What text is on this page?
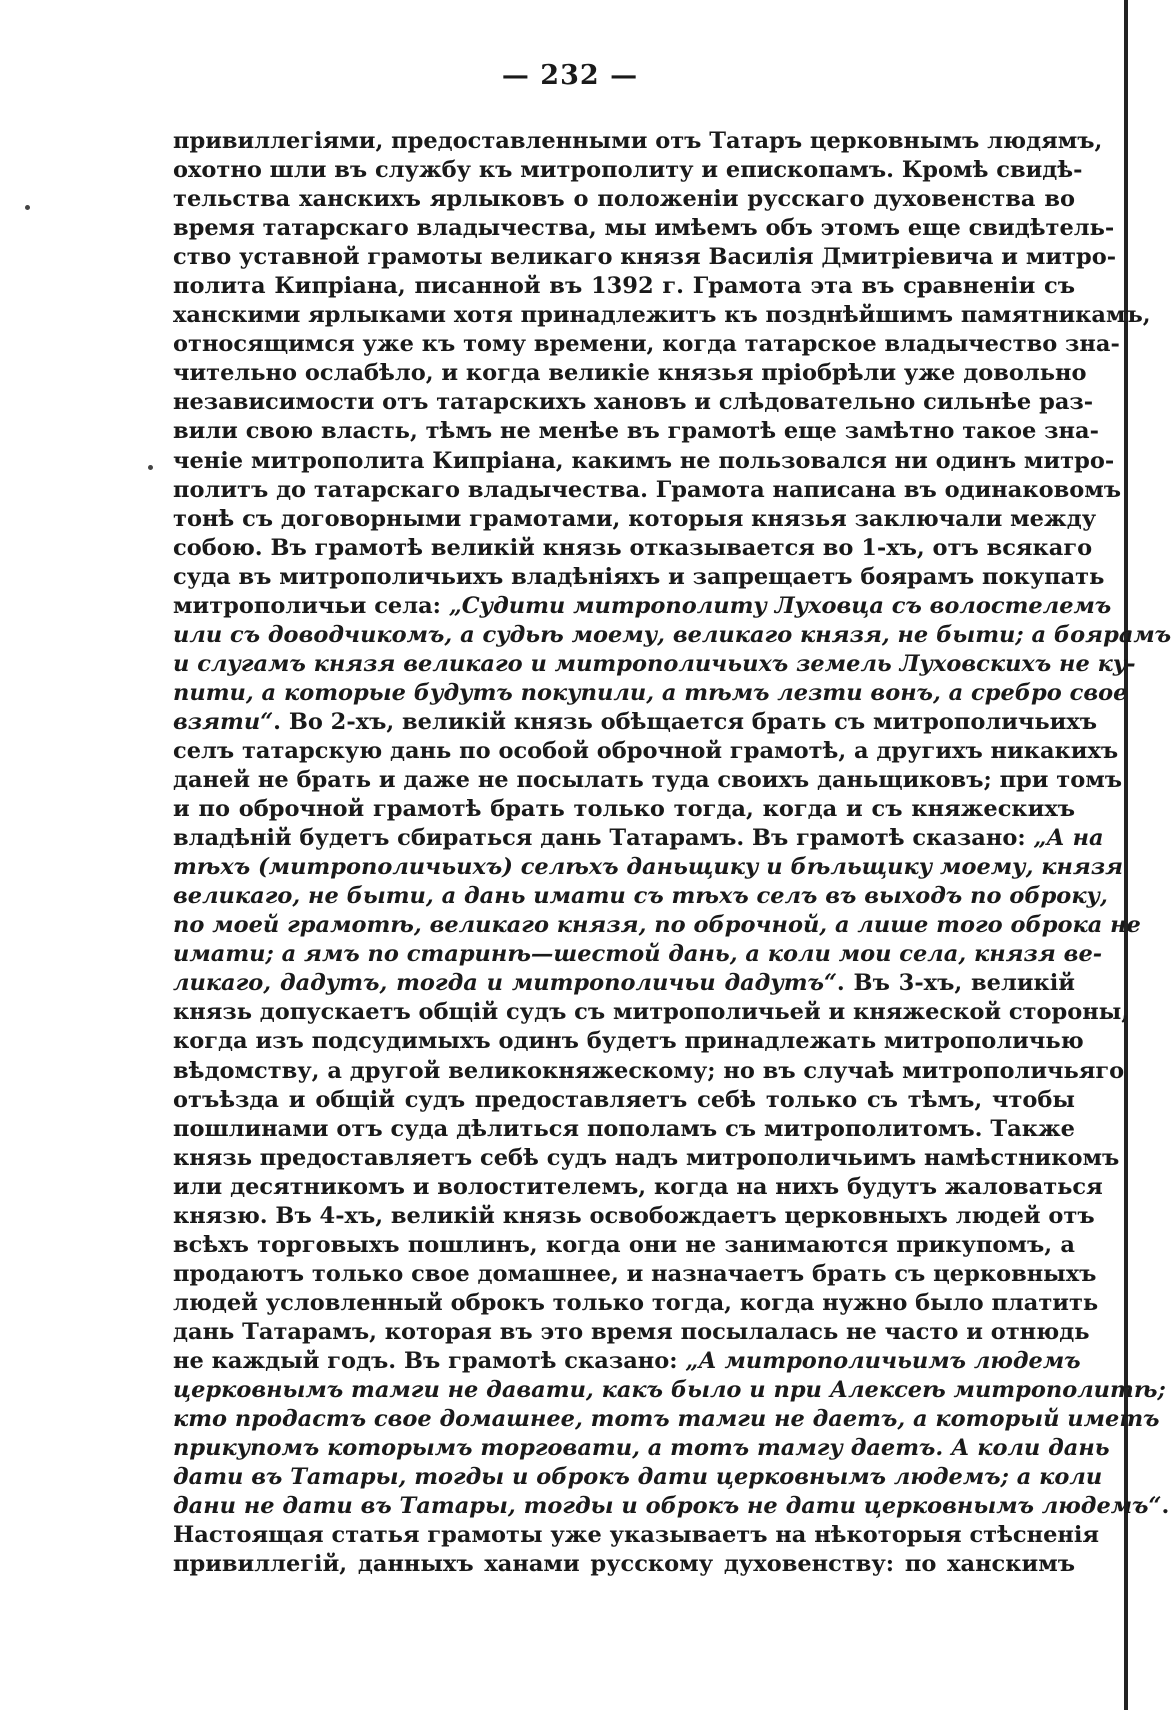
— 232 —
привиллегіями, предоставленными отъ Татаръ церковнымъ людямъ,
охотно шли въ службу къ митрополиту и епископамъ. Кромѣ свидѣ-
тельства ханскихъ ярлыковъ о положеніи русскаго духовенства во
время татарскаго владычества, мы имѣемъ объ этомъ еще свидѣтель-
ство уставной грамоты великаго князя Василія Дмитріевича и митро-
полита Кипріана, писанной въ 1392 г. Грамота эта въ сравненіи съ
ханскими ярлыками хотя принадлежитъ къ позднѣйшимъ памятникамъ,
относящимся уже къ тому времени, когда татарское владычество зна-
чительно ослабѣло, и когда великіе князья пріобрѣли уже довольно
независимости отъ татарскихъ хановъ и слѣдовательно сильнѣе раз-
вили свою власть, тѣмъ не менѣе въ грамотѣ еще замѣтно такое зна-
ченіе митрополита Кипріана, какимъ не пользовался ни одинъ митро-
политъ до татарскаго владычества. Грамота написана въ одинаковомъ
тонѣ съ договорными грамотами, которыя князья заключали между
собою. Въ грамотѣ великій князь отказывается во 1-хъ, отъ всякаго
суда въ митрополичьихъ владѣніяхъ и запрещаетъ боярамъ покупать
митрополичьи села: „Судити митрополиту Луховца съ волостелемъ
или съ доводчикомъ, а судьѣ моему, великаго князя, не быти; а боярамъ
и слугамъ князя великаго и митрополичьихъ земель Луховскихъ не ку-
пити, а которые будутъ покупили, а тѣмъ лезти вонъ, а сребро свое
взяти“. Во 2-хъ, великій князь обѣщается брать съ митрополичьихъ
селъ татарскую дань по особой оброчной грамотѣ, а другихъ никакихъ
даней не брать и даже не посылать туда своихъ даньщиковъ; при томъ
и по оброчной грамотѣ брать только тогда, когда и съ княжескихъ
владѣній будетъ сбираться дань Татарамъ. Въ грамотѣ сказано: „А на
тѣхъ (митрополичьихъ) селѣхъ даньщику и бѣльщику моему, князя
великаго, не быти, а дань имати съ тѣхъ селъ въ выходъ по оброку,
по моей грамотѣ, великаго князя, по оброчной, а лише того оброка не
имати; а ямъ по старинѣ—шестой дань, а коли мои села, князя ве-
ликаго, дадутъ, тогда и митрополичьи дадутъ“. Въ 3-хъ, великій
князь допускаетъ общій судъ съ митрополичьей и княжеской стороны,
когда изъ подсудимыхъ одинъ будетъ принадлежать митрополичью
вѣдомству, а другой великокняжескому; но въ случаѣ митрополичьяго
отъѣзда и общій судъ предоставляетъ себѣ только съ тѣмъ, чтобы
пошлинами отъ суда дѣлиться пополамъ съ митрополитомъ. Также
князь предоставляетъ себѣ судъ надъ митрополичьимъ намѣстникомъ
или десятникомъ и волостителемъ, когда на нихъ будутъ жаловаться
князю. Въ 4-хъ, великій князь освобождаетъ церковныхъ людей отъ
всѣхъ торговыхъ пошлинъ, когда они не занимаются прикупомъ, а
продаютъ только свое домашнее, и назначаетъ брать съ церковныхъ
людей условленный оброкъ только тогда, когда нужно было платить
дань Татарамъ, которая въ это время посылалась не часто и отнюдь
не каждый годъ. Въ грамотѣ сказано: „А митрополичьимъ людемъ
церковнымъ тамги не давати, какъ было и при Алексеѣ митрополитѣ;
кто продастъ свое домашнее, тотъ тамги не даетъ, а который иметъ
прикупомъ которымъ торговати, а тотъ тамгу даетъ. А коли дань
дати въ Татары, тогды и оброкъ дати церковнымъ людемъ; а коли
дани не дати въ Татары, тогды и оброкъ не дати церковнымъ людемъ“.
Настоящая статья грамоты уже указываетъ на нѣкоторыя стѣсненія
привиллегій, данныхъ ханами русскому духовенству: по ханскимъ
